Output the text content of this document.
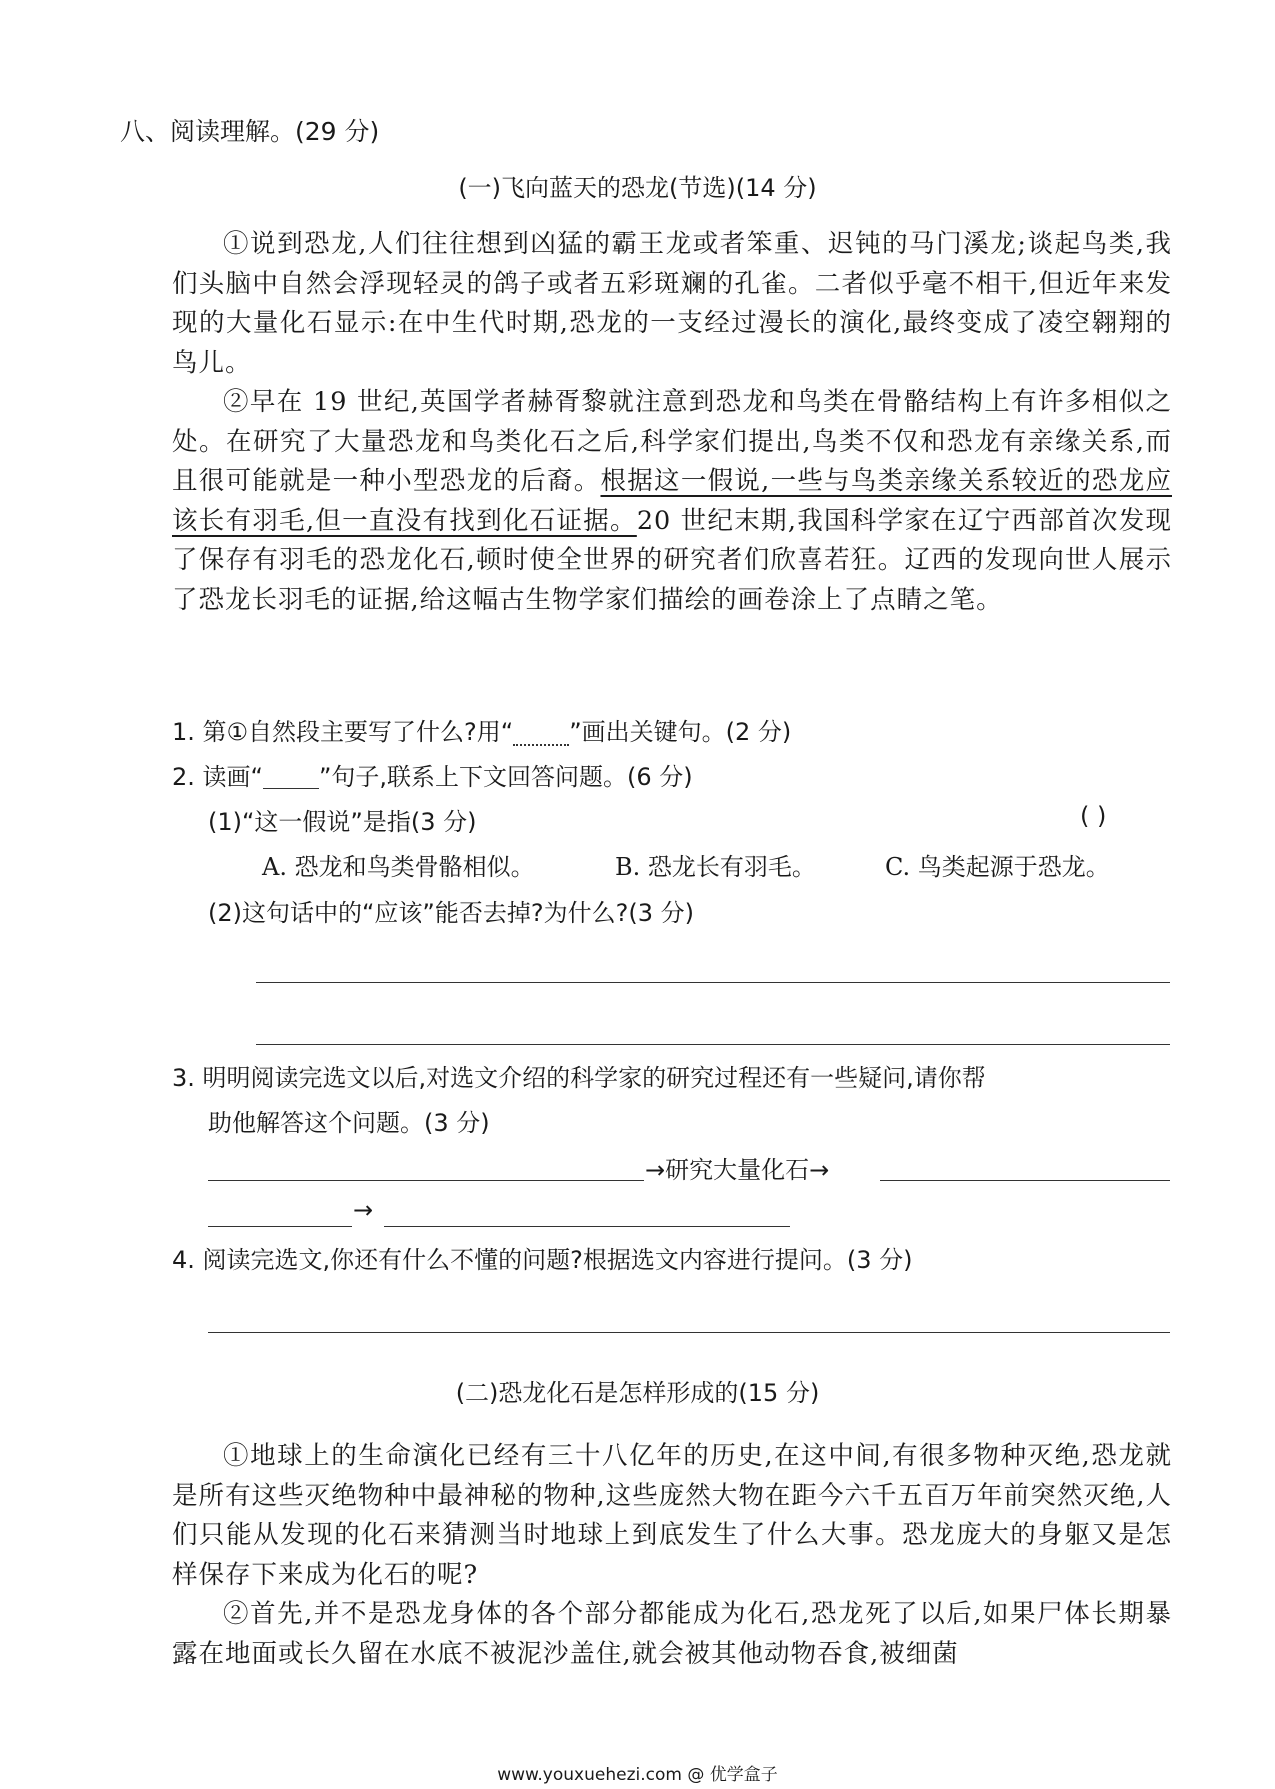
八、阅读理解。(29 分)
(一)飞向蓝天的恐龙(节选)(14 分)

①说到恐龙,人们往往想到凶猛的霸王龙或者笨重、迟钝的马门溪龙;谈起鸟类,我们头脑中自然会浮现轻灵的鸽子或者五彩斑斓的孔雀。二者似乎毫不相干,但近年来发现的大量化石显示:在中生代时期,恐龙的一支经过漫长的演化,最终变成了凌空翱翔的鸟儿。

②早在 19 世纪,英国学者赫胥黎就注意到恐龙和鸟类在骨骼结构上有许多相似之处。在研究了大量恐龙和鸟类化石之后,科学家们提出,鸟类不仅和恐龙有亲缘关系,而且很可能就是一种小型恐龙的后裔。根据这一假说,一些与鸟类亲缘关系较近的恐龙应该长有羽毛,但一直没有找到化石证据。20 世纪末期,我国科学家在辽宁西部首次发现了保存有羽毛的恐龙化石,顿时使全世界的研究者们欣喜若狂。辽西的发现向世人展示了恐龙长羽毛的证据,给这幅古生物学家们描绘的画卷涂上了点睛之笔。

1. 第①自然段主要写了什么?用“ ”画出关键句。(2 分)
2. 读画“ ”句子,联系上下文回答问题。(6 分)
(1)“这一假说”是指(3 分)	( )
A. 恐龙和鸟类骨骼相似。	B. 恐龙长有羽毛。	C. 鸟类起源于恐龙。
(2)这句话中的“应该”能否去掉?为什么?(3 分)
3. 明明阅读完选文以后,对选文介绍的科学家的研究过程还有一些疑问,请你帮
助他解答这个问题。(3 分)
→研究大量化石→
→
4. 阅读完选文,你还有什么不懂的问题?根据选文内容进行提问。(3 分)
(二)恐龙化石是怎样形成的(15 分)

①地球上的生命演化已经有三十八亿年的历史,在这中间,有很多物种灭绝,恐龙就是所有这些灭绝物种中最神秘的物种,这些庞然大物在距今六千五百万年前突然灭绝,人们只能从发现的化石来猜测当时地球上到底发生了什么大事。恐龙庞大的身躯又是怎样保存下来成为化石的呢?

②首先,并不是恐龙身体的各个部分都能成为化石,恐龙死了以后,如果尸体长期暴露在地面或长久留在水底不被泥沙盖住,就会被其他动物吞食,被细菌

www.youxuehezi.com @ 优学盒子
